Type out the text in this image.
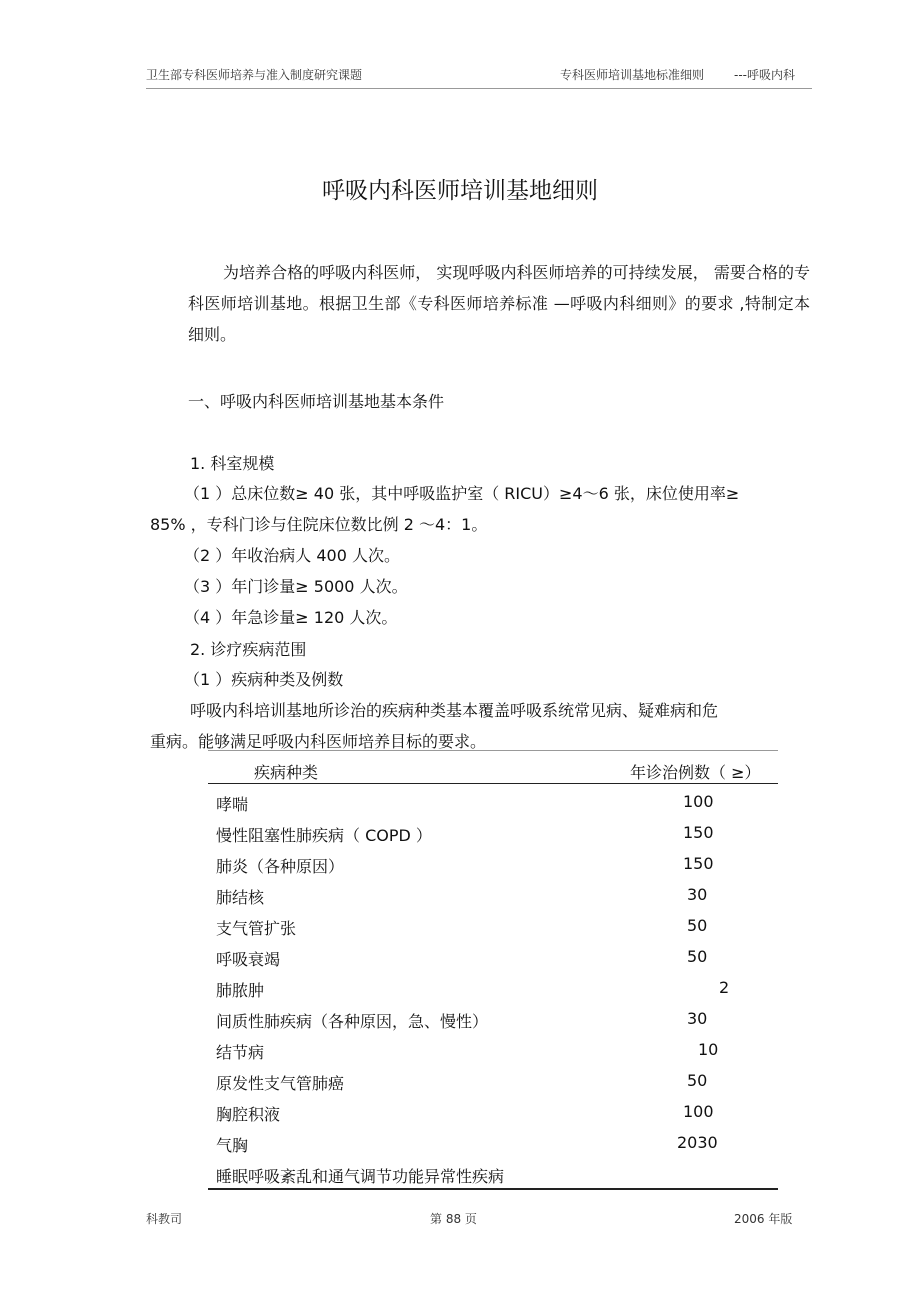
卫生部专科医师培养与准入制度研究课题	专科医师培训基地标准细则 ---呼吸内科
呼吸内科医师培训基地细则
为培养合格的呼吸内科医师， 实现呼吸内科医师培养的可持续发展， 需要合格的专科医师培训基地。根据卫生部《专科医师培养标准 —呼吸内科细则》的要求 ,特制定本细则。
一、呼吸内科医师培训基地基本条件
1. 科室规模
（1 ）总床位数≥ 40 张，其中呼吸监护室（ RICU）≥4～6 张，床位使用率≥
85% ，专科门诊与住院床位数比例 2 ～4：1。
（2 ）年收治病人 400 人次。
（3 ）年门诊量≥ 5000 人次。
（4 ）年急诊量≥ 120 人次。
2. 诊疗疾病范围
（1 ）疾病种类及例数
呼吸内科培训基地所诊治的疾病种类基本覆盖呼吸系统常见病、疑难病和危
重病。能够满足呼吸内科医师培养目标的要求。
疾病种类	年诊治例数（ ≥）
哮喘	100
慢性阻塞性肺疾病（ COPD ）	150
肺炎（各种原因）	150
肺结核	30
支气管扩张	50
呼吸衰竭	50
肺脓肿	2
间质性肺疾病（各种原因，急、慢性）	30
结节病	10
原发性支气管肺癌	50
胸腔积液	100
气胸	2030
睡眠呼吸紊乱和通气调节功能异常性疾病
科教司	第 88 页	2006 年版
